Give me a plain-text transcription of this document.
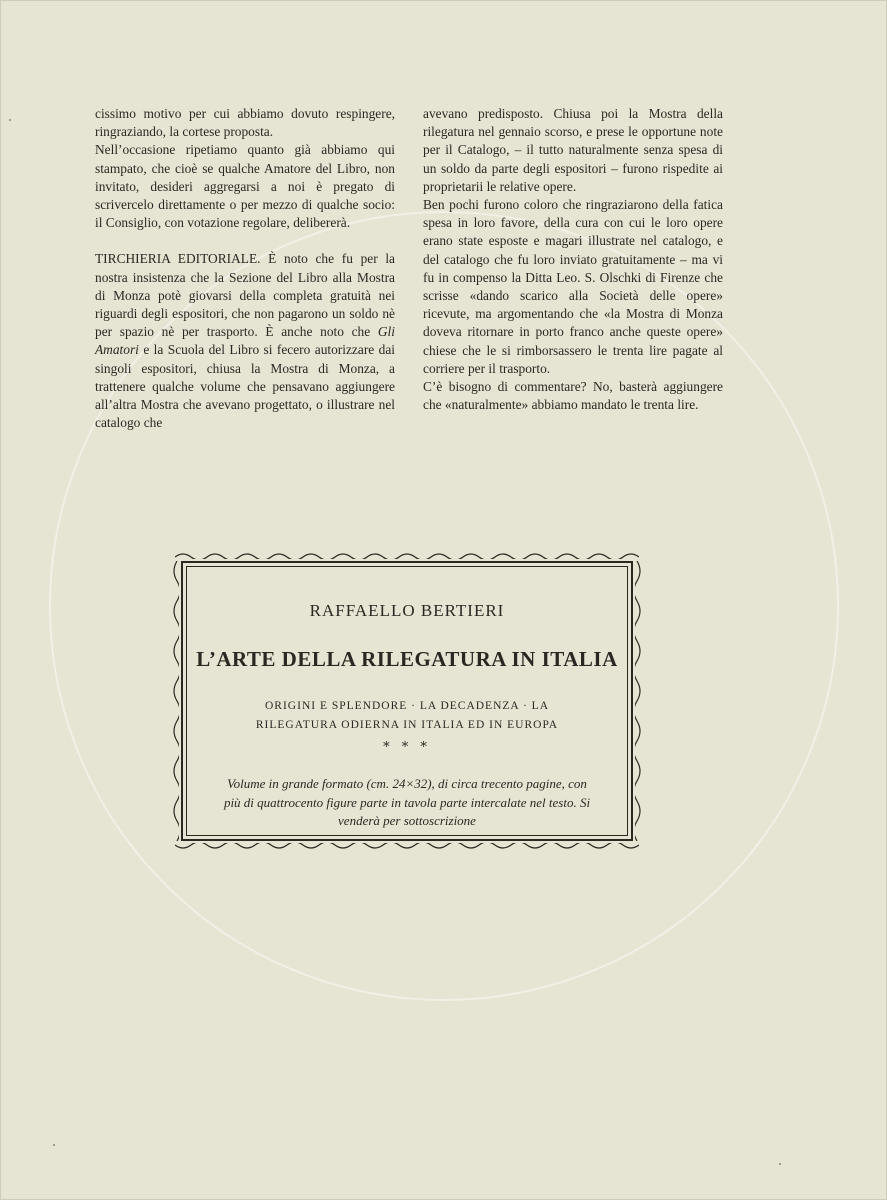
cissimo motivo per cui abbiamo dovuto respingere, ringraziando, la cortese proposta.

Nell’occasione ripetiamo quanto già abbiamo qui stampato, che cioè se qualche Amatore del Libro, non invitato, desideri aggregarsi a noi è pregato di scrivercelo direttamente o per mezzo di qualche socio: il Consiglio, con votazione regolare, delibererà.

TIRCHIERIA EDITORIALE. È noto che fu per la nostra insistenza che la Sezione del Libro alla Mostra di Monza potè giovarsi della completa gratuità nei riguardi degli espositori, che non pagarono un soldo nè per spazio nè per trasporto. È anche noto che Gli Amatori e la Scuola del Libro si fecero autorizzare dai singoli espositori, chiusa la Mostra di Monza, a trattenere qualche volume che pensavano aggiungere all’altra Mostra che avevano progettato, o illustrare nel catalogo che

avevano predisposto. Chiusa poi la Mostra della rilegatura nel gennaio scorso, e prese le opportune note per il Catalogo, – il tutto naturalmente senza spesa di un soldo da parte degli espositori – furono rispedite ai proprietarii le relative opere.

Ben pochi furono coloro che ringraziarono della fatica spesa in loro favore, della cura con cui le loro opere erano state esposte e magari illustrate nel catalogo, e del catalogo che fu loro inviato gratuitamente – ma vi fu in compenso la Ditta Leo. S. Olschki di Firenze che scrisse «dando scarico alla Società delle opere» ricevute, ma argomentando che «la Mostra di Monza doveva ritornare in porto franco anche queste opere» chiese che le si rimborsassero le trenta lire pagate al corriere per il trasporto.

C’è bisogno di commentare? No, basterà aggiungere che «naturalmente» abbiamo mandato le trenta lire.

RAFFAELLO BERTIERI
L’ARTE DELLA RILEGATURA IN ITALIA
ORIGINI E SPLENDORE · LA DECADENZA · LA RILEGATURA ODIERNA IN ITALIA ED IN EUROPA
* * *
Volume in grande formato (cm. 24×32), di circa trecento pagine, con più di quattrocento figure parte in tavola parte intercalate nel testo. Si venderà per sottoscrizione
